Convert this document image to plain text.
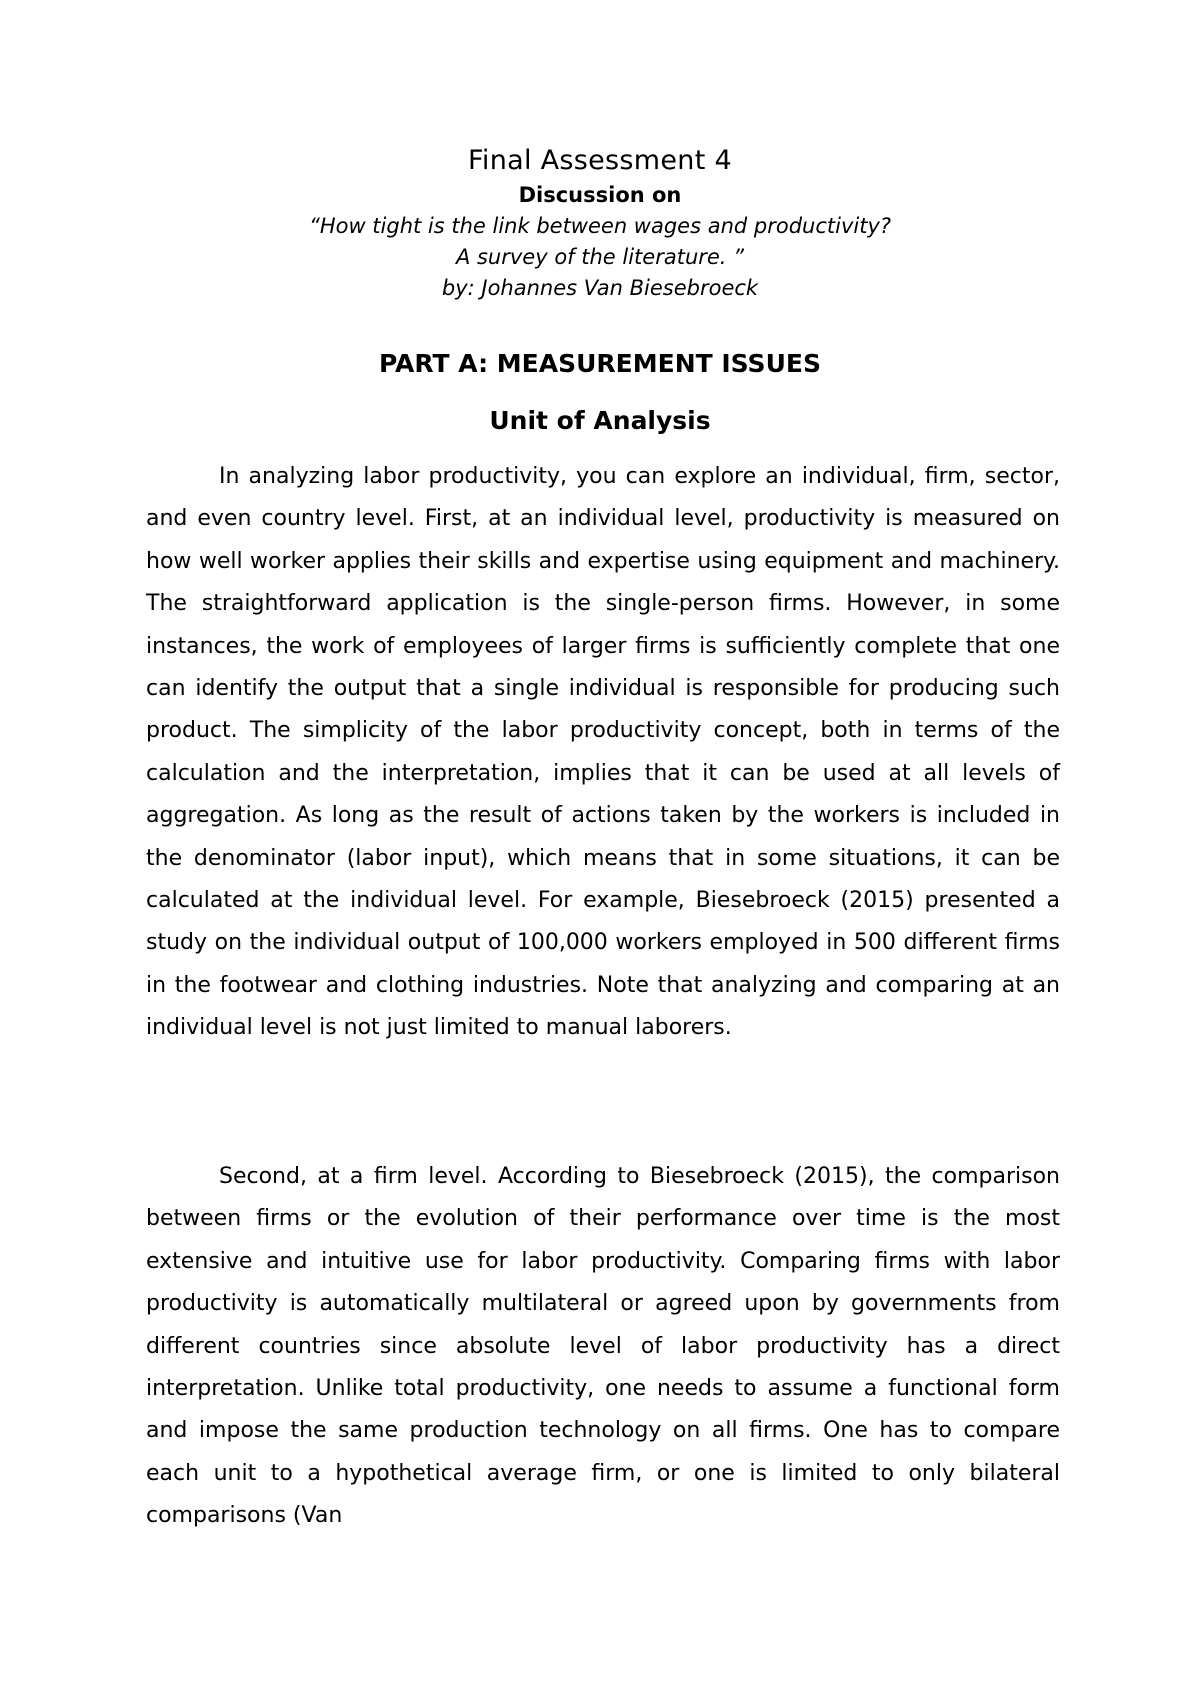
Final Assessment 4

Discussion on

“How tight is the link between wages and productivity?

A survey of the literature. ”

by: Johannes Van Biesebroeck

PART A: MEASUREMENT ISSUES
Unit of Analysis

In analyzing labor productivity, you can explore an individual, firm, sector, and even country level. First, at an individual level, productivity is measured on how well worker applies their skills and expertise using equipment and machinery. The straightforward application is the single-person firms. However, in some instances, the work of employees of larger firms is sufficiently complete that one can identify the output that a single individual is responsible for producing such product. The simplicity of the labor productivity concept, both in terms of the calculation and the interpretation, implies that it can be used at all levels of aggregation. As long as the result of actions taken by the workers is included in the denominator (labor input), which means that in some situations, it can be calculated at the individual level. For example, Biesebroeck (2015) presented a study on the individual output of 100,000 workers employed in 500 different firms in the footwear and clothing industries. Note that analyzing and comparing at an individual level is not just limited to manual laborers.

Second, at a firm level. According to Biesebroeck (2015), the comparison between firms or the evolution of their performance over time is the most extensive and intuitive use for labor productivity. Comparing firms with labor productivity is automatically multilateral or agreed upon by governments from different countries since absolute level of labor productivity has a direct interpretation. Unlike total productivity, one needs to assume a functional form and impose the same production technology on all firms. One has to compare each unit to a hypothetical average firm, or one is limited to only bilateral comparisons (Van
